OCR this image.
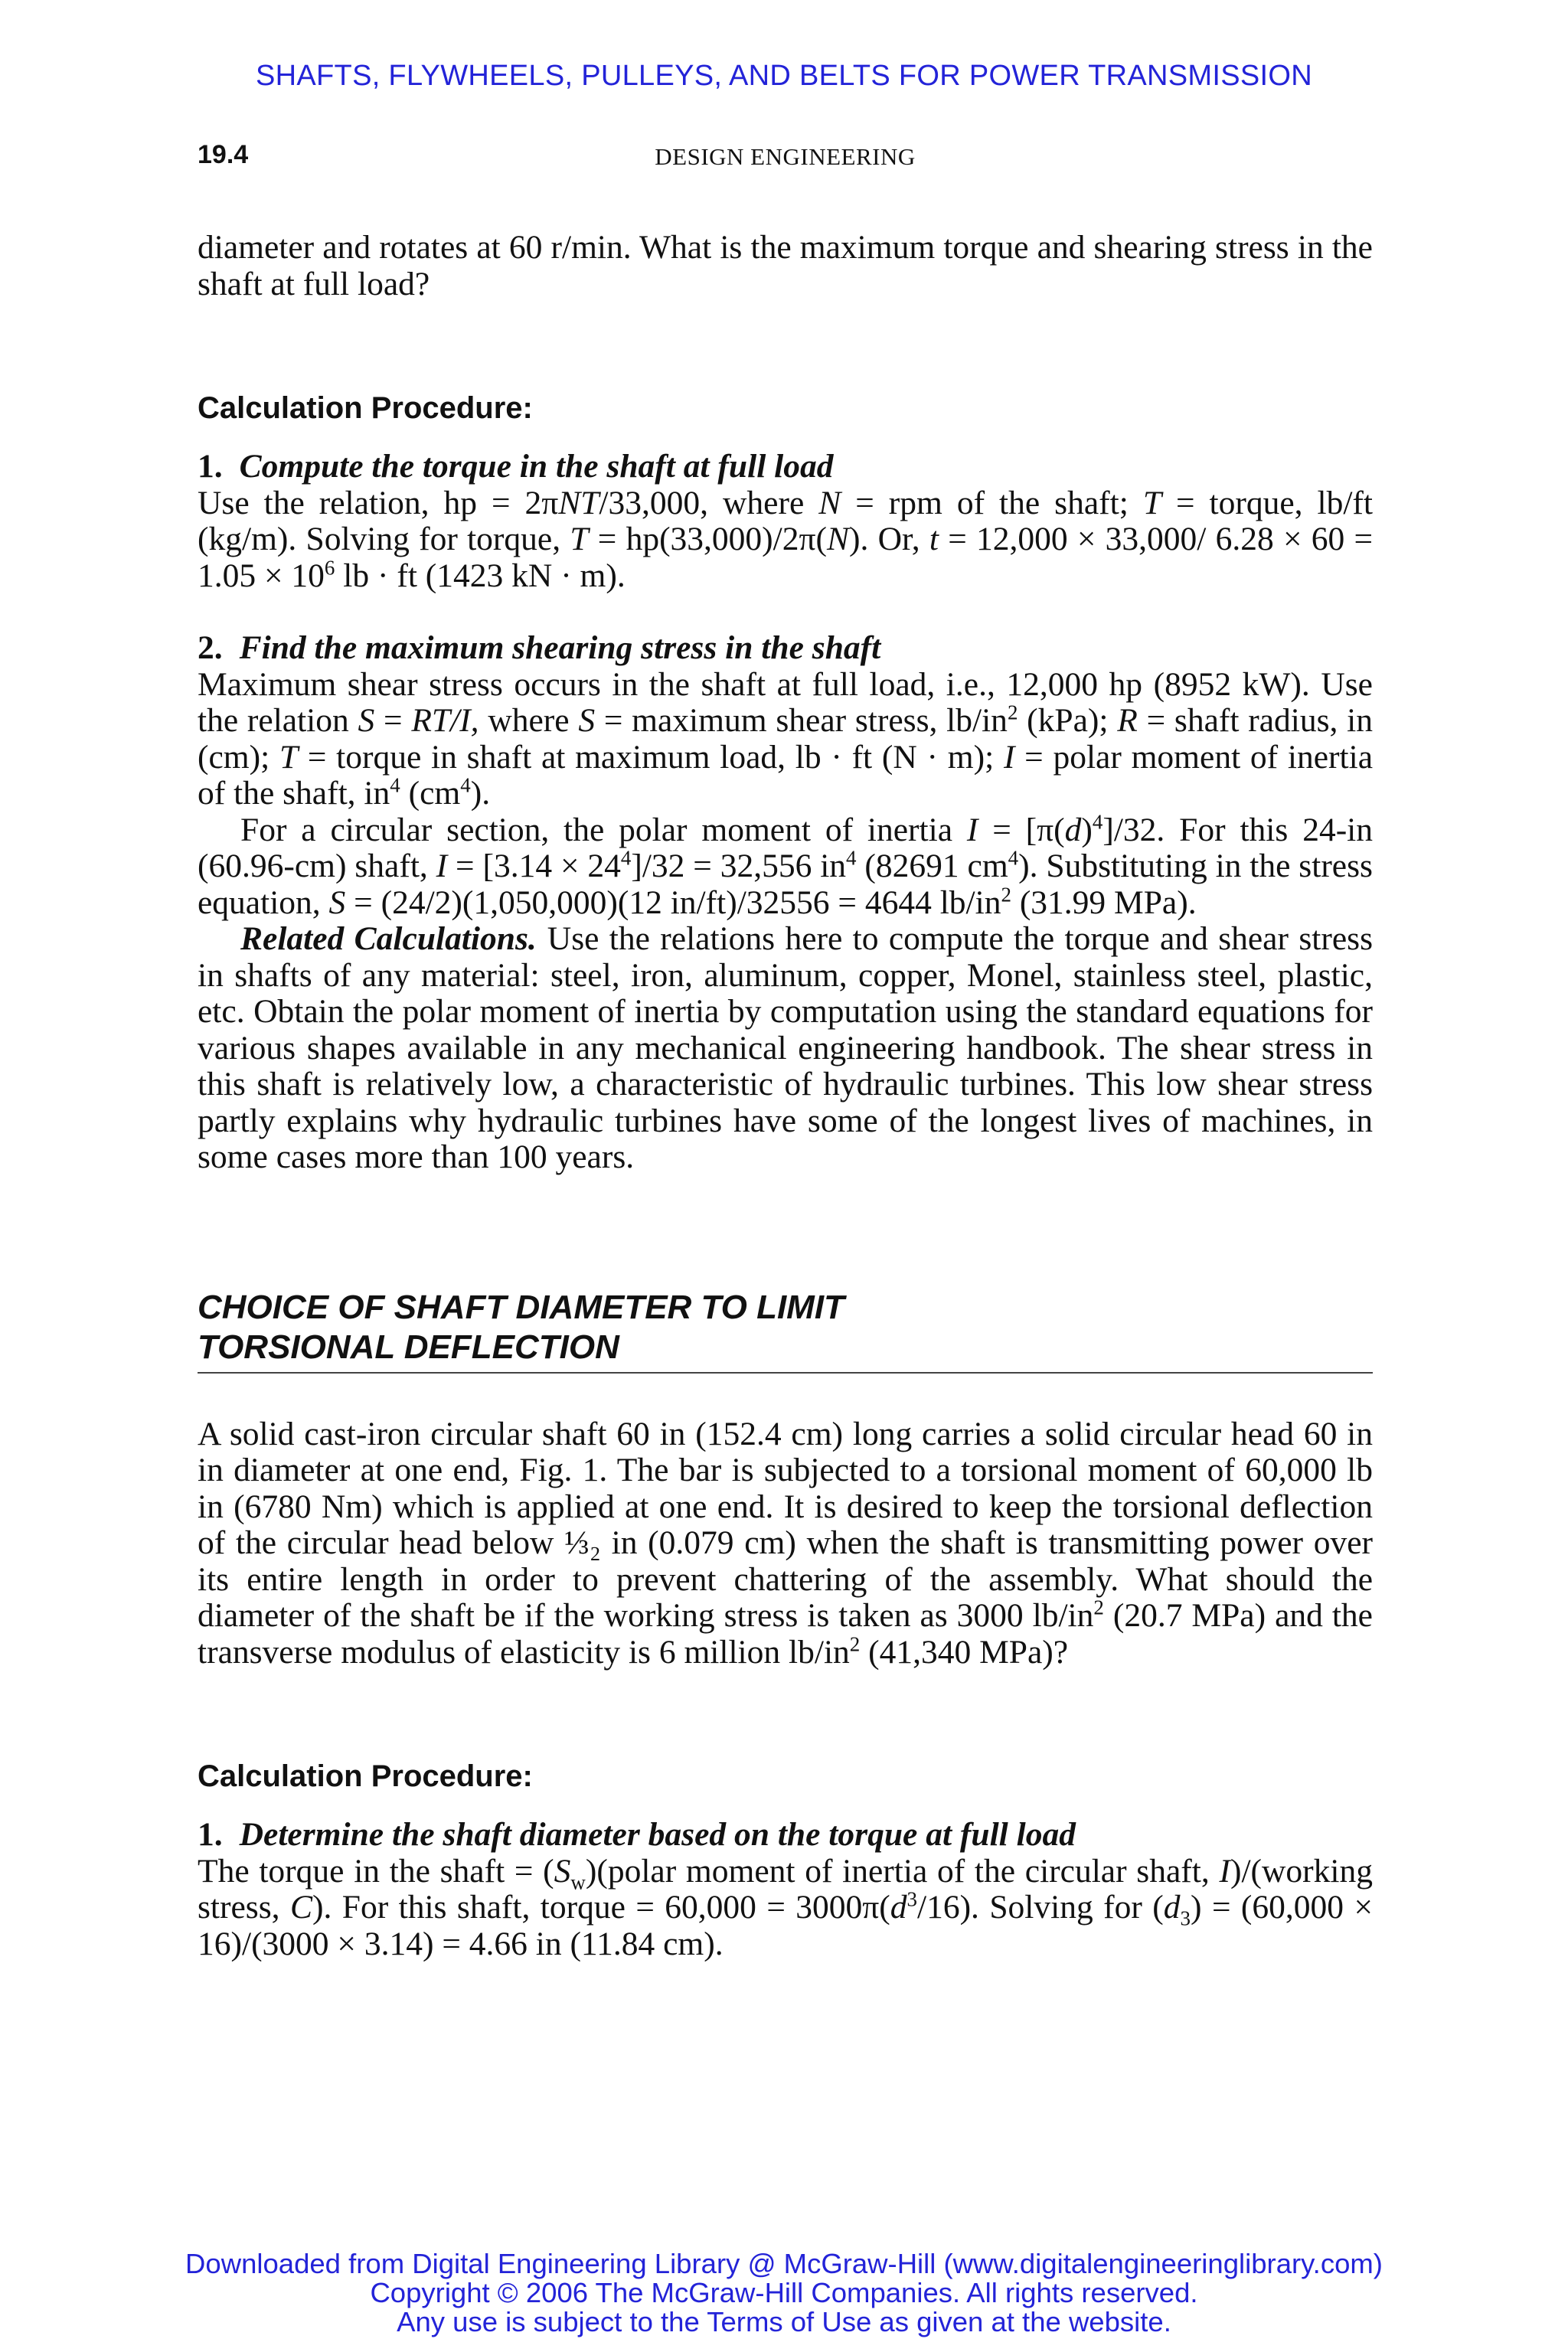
SHAFTS, FLYWHEELS, PULLEYS, AND BELTS FOR POWER TRANSMISSION
19.4	DESIGN ENGINEERING

diameter and rotates at 60 r/min. What is the maximum torque and shearing stress in the shaft at full load?

Calculation Procedure:

1. Compute the torque in the shaft at full load

Use the relation, hp = 2πNT/33,000, where N = rpm of the shaft; T = torque, lb/ft (kg/m). Solving for torque, T = hp(33,000)/2π(N). Or, t = 12,000 × 33,000/ $6.28 \times 60 = 1.05 \times 10^6$ lb · ft (1423 kN · m).

2. Find the maximum shearing stress in the shaft

Maximum shear stress occurs in the shaft at full load, i.e., 12,000 hp (8952 kW). Use the relation S = RT/I, where S = maximum shear stress, $lb/in^2$ (kPa); R = shaft radius, in (cm); T = torque in shaft at maximum load, lb · ft (N · m); I = polar moment of inertia of the shaft, $in^4$ $(cm^4)$.

For a circular section, the polar moment of inertia $I = [\pi(d)^4]/32$. For this 24-in (60.96-cm) shaft, $I = [3.14 \times 24^4]/32 = 32,556$ $in^4$ (82691 $cm^4$). Substituting in the stress equation, S = (24/2)(1,050,000)(12 in/ft)/32556 = 4644 $lb/in^2$ (31.99 MPa).

Related Calculations. Use the relations here to compute the torque and shear stress in shafts of any material: steel, iron, aluminum, copper, Monel, stainless steel, plastic, etc. Obtain the polar moment of inertia by computation using the standard equations for various shapes available in any mechanical engineering handbook. The shear stress in this shaft is relatively low, a characteristic of hydraulic turbines. This low shear stress partly explains why hydraulic turbines have some of the longest lives of machines, in some cases more than 100 years.

CHOICE OF SHAFT DIAMETER TO LIMIT
TORSIONAL DEFLECTION

A solid cast-iron circular shaft 60 in (152.4 cm) long carries a solid circular head 60 in in diameter at one end, Fig. 1. The bar is subjected to a torsional moment of 60,000 lb in (6780 Nm) which is applied at one end. It is desired to keep the torsional deflection of the circular head below ⅓₂ in (0.079 cm) when the shaft is transmitting power over its entire length in order to prevent chattering of the assembly. What should the diameter of the shaft be if the working stress is taken as 3000 $lb/in^2$ (20.7 MPa) and the transverse modulus of elasticity is 6 million $lb/in^2$ (41,340 MPa)?

Calculation Procedure:

1. Determine the shaft diameter based on the torque at full load

The torque in the shaft = $(S_w)(polar$ moment of inertia of the circular shaft, I)/(working stress, C). For this shaft, torque = $60,000 = 3000\pi(d^3/16)$. Solving for $(d_3) = (60,000 \times 16)/(3000 \times 3.14) = 4.66$ in (11.84 cm).

Downloaded from Digital Engineering Library @ McGraw-Hill (www.digitalengineeringlibrary.com)
Copyright © 2006 The McGraw-Hill Companies. All rights reserved.
Any use is subject to the Terms of Use as given at the website.
